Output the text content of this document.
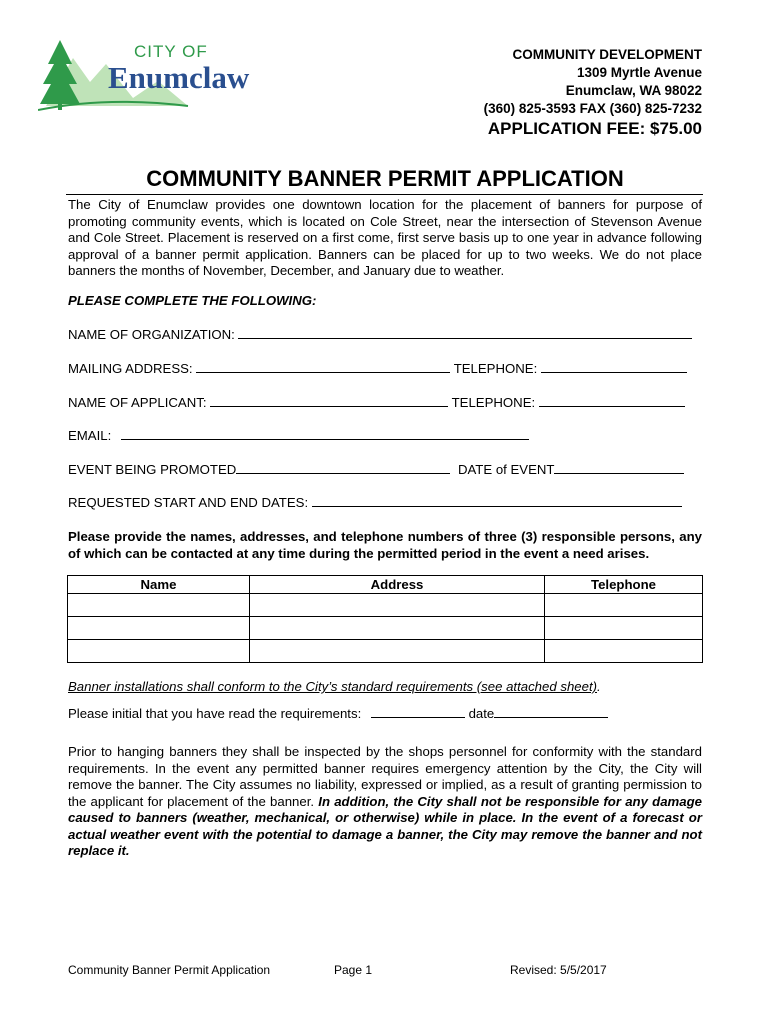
CITY OF
Enumclaw
COMMUNITY DEVELOPMENT
1309 Myrtle Avenue
Enumclaw, WA 98022
(360) 825-3593 FAX (360) 825-7232
APPLICATION FEE: $75.00
COMMUNITY BANNER PERMIT APPLICATION
The City of Enumclaw provides one downtown location for the placement of banners for purpose of promoting community events, which is located on Cole Street, near the intersection of Stevenson Avenue and Cole Street. Placement is reserved on a first come, first serve basis up to one year in advance following approval of a banner permit application. Banners can be placed for up to two weeks. We do not place banners the months of November, December, and January due to weather.
PLEASE COMPLETE THE FOLLOWING:
NAME OF ORGANIZATION:
MAILING ADDRESS:	TELEPHONE:
NAME OF APPLICANT:	TELEPHONE:
EMAIL:
EVENT BEING PROMOTED	DATE of EVENT
REQUESTED START AND END DATES:
Please provide the names, addresses, and telephone numbers of three (3) responsible persons, any of which can be contacted at any time during the permitted period in the event a need arises.
Name	Address	Telephone

Banner installations shall conform to the City’s standard requirements (see attached sheet).
Please initial that you have read the requirements:	date
Prior to hanging banners they shall be inspected by the shops personnel for conformity with the standard requirements. In the event any permitted banner requires emergency attention by the City, the City will remove the banner. The City assumes no liability, expressed or implied, as a result of granting permission to the applicant for placement of the banner. In addition, the City shall not be responsible for any damage caused to banners (weather, mechanical, or otherwise) while in place. In the event of a forecast or actual weather event with the potential to damage a banner, the City may remove the banner and not replace it.
Community Banner Permit Application	Page 1	Revised: 5/5/2017
